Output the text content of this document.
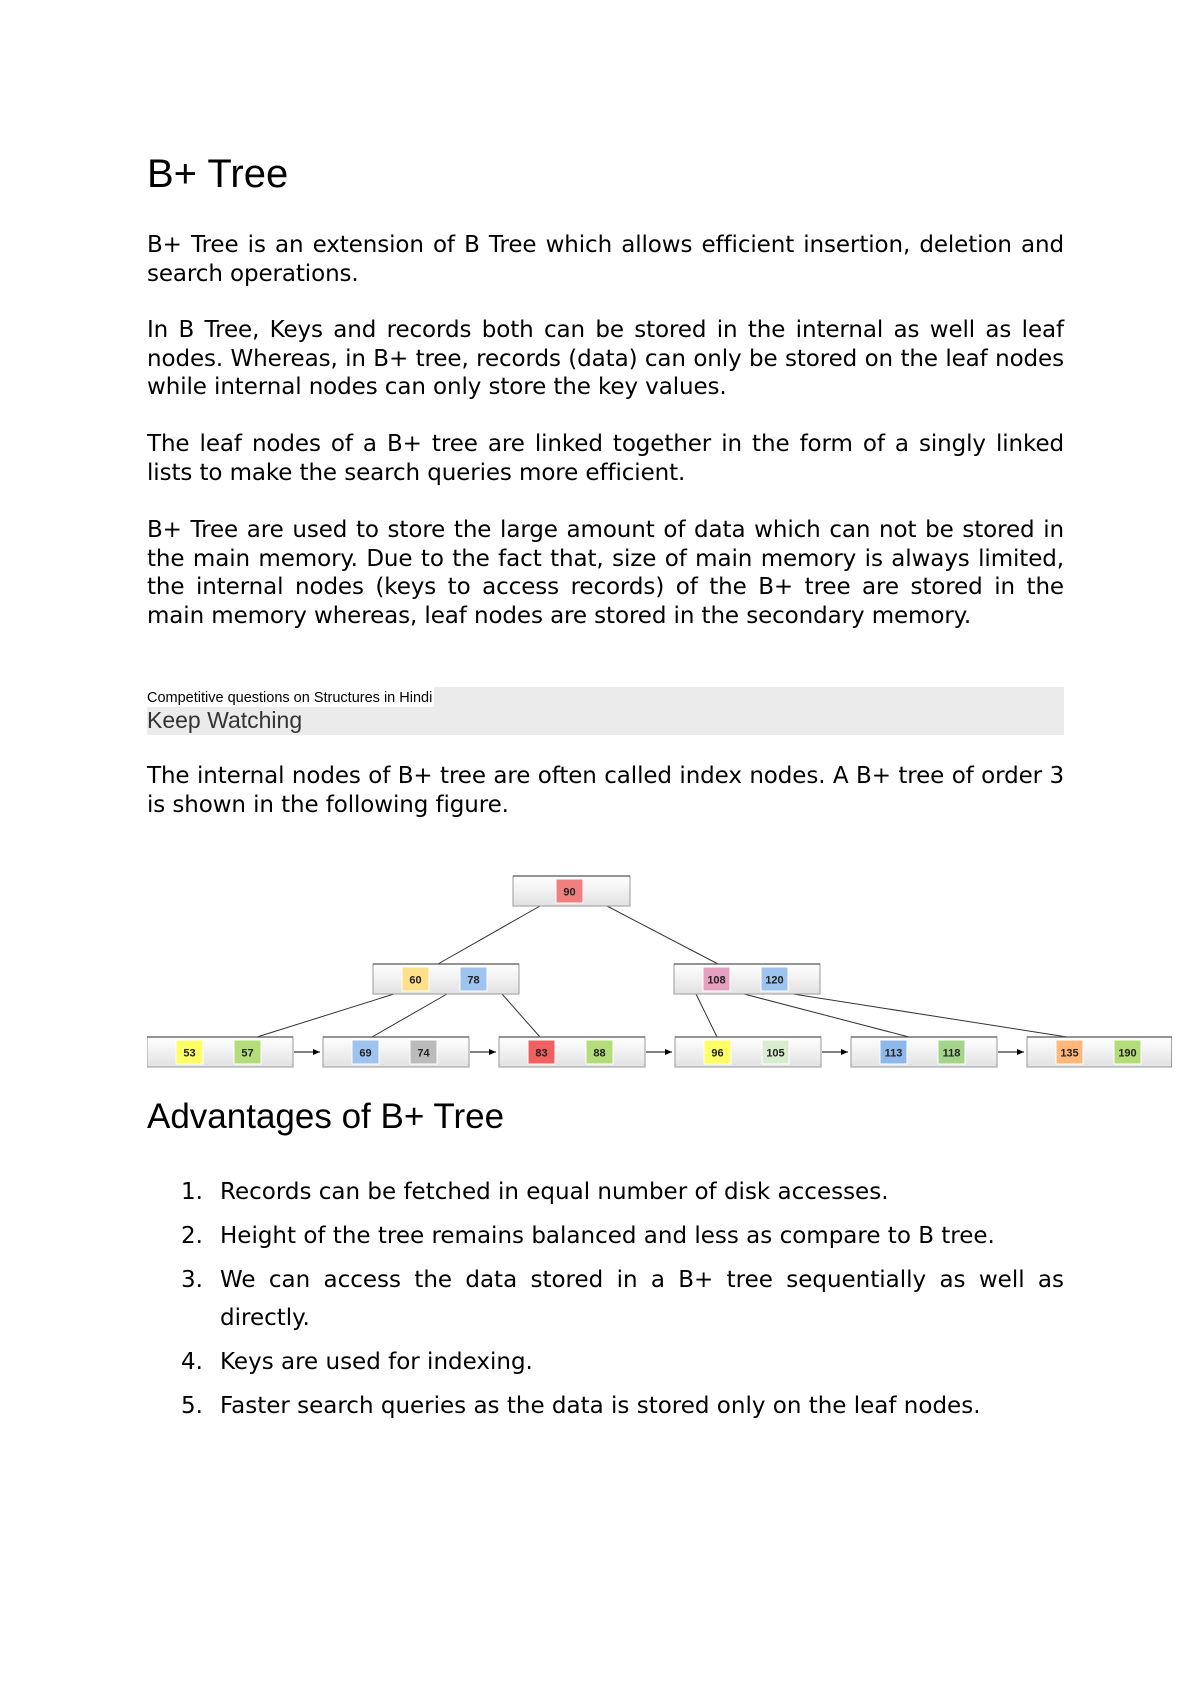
B+ Tree

B+ Tree is an extension of B Tree which allows efficient insertion, deletion and search operations.

In B Tree, Keys and records both can be stored in the internal as well as leaf nodes. Whereas, in B+ tree, records (data) can only be stored on the leaf nodes while internal nodes can only store the key values.

The leaf nodes of a B+ tree are linked together in the form of a singly linked lists to make the search queries more efficient.

B+ Tree are used to store the large amount of data which can not be stored in the main memory. Due to the fact that, size of main memory is always limited, the internal nodes (keys to access records) of the B+ tree are stored in the main memory whereas, leaf nodes are stored in the secondary memory.

Competitive questions on Structures in Hindi
Keep Watching

The internal nodes of B+ tree are often called index nodes. A B+ tree of order 3 is shown in the following figure.

Advantages of B+ Tree
1. Records can be fetched in equal number of disk accesses.
2. Height of the tree remains balanced and less as compare to B tree.
3. We can access the data stored in a B+ tree sequentially as well as directly.
4. Keys are used for indexing.
5. Faster search queries as the data is stored only on the leaf nodes.
90
60	78	108	120
53	57	69	74	83	88	96	105	113	118	135	190
